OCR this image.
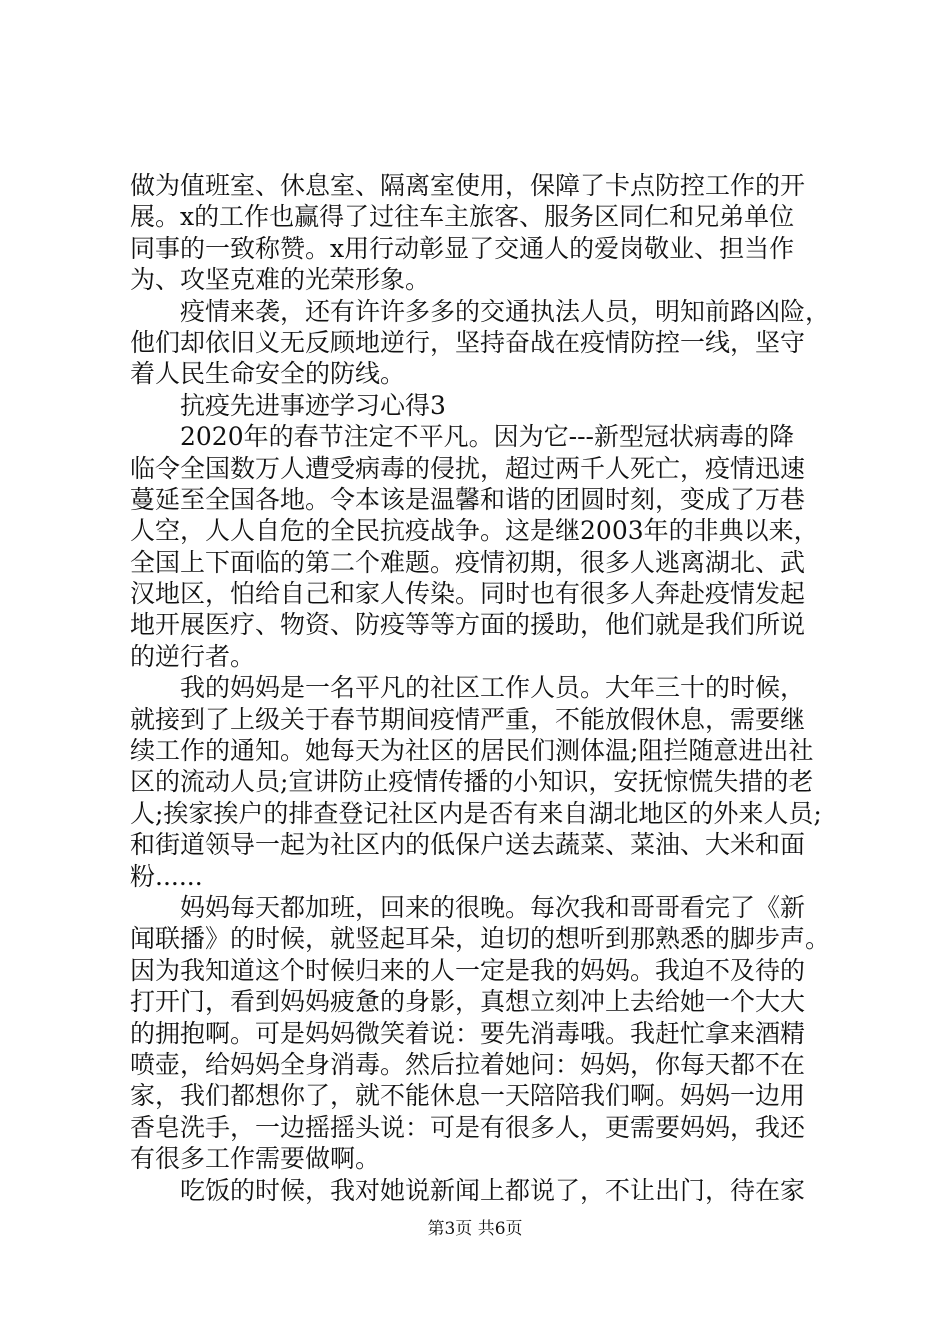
做为值班室、休息室、隔离室使用，保障了卡点防控工作的开
展。x的工作也赢得了过往车主旅客、服务区同仁和兄弟单位
同事的一致称赞。x用行动彰显了交通人的爱岗敬业、担当作
为、攻坚克难的光荣形象。
疫情来袭，还有许许多多的交通执法人员，明知前路凶险，
他们却依旧义无反顾地逆行，坚持奋战在疫情防控一线，坚守
着人民生命安全的防线。
抗疫先进事迹学习心得3
2020年的春节注定不平凡。因为它---新型冠状病毒的降
临令全国数万人遭受病毒的侵扰，超过两千人死亡，疫情迅速
蔓延至全国各地。令本该是温馨和谐的团圆时刻，变成了万巷
人空，人人自危的全民抗疫战争。这是继2003年的非典以来，
全国上下面临的第二个难题。疫情初期，很多人逃离湖北、武
汉地区，怕给自己和家人传染。同时也有很多人奔赴疫情发起
地开展医疗、物资、防疫等等方面的援助，他们就是我们所说
的逆行者。
我的妈妈是一名平凡的社区工作人员。大年三十的时候，
就接到了上级关于春节期间疫情严重，不能放假休息，需要继
续工作的通知。她每天为社区的居民们测体温;阻拦随意进出社
区的流动人员;宣讲防止疫情传播的小知识，安抚惊慌失措的老
人;挨家挨户的排查登记社区内是否有来自湖北地区的外来人员;
和街道领导一起为社区内的低保户送去蔬菜、菜油、大米和面
粉......
妈妈每天都加班，回来的很晚。每次我和哥哥看完了《新
闻联播》的时候，就竖起耳朵，迫切的想听到那熟悉的脚步声。
因为我知道这个时候归来的人一定是我的妈妈。我迫不及待的
打开门，看到妈妈疲惫的身影，真想立刻冲上去给她一个大大
的拥抱啊。可是妈妈微笑着说：要先消毒哦。我赶忙拿来酒精
喷壶，给妈妈全身消毒。然后拉着她问：妈妈，你每天都不在
家，我们都想你了，就不能休息一天陪陪我们啊。妈妈一边用
香皂洗手，一边摇摇头说：可是有很多人，更需要妈妈，我还
有很多工作需要做啊。
吃饭的时候，我对她说新闻上都说了，不让出门，待在家
第3页 共6页
